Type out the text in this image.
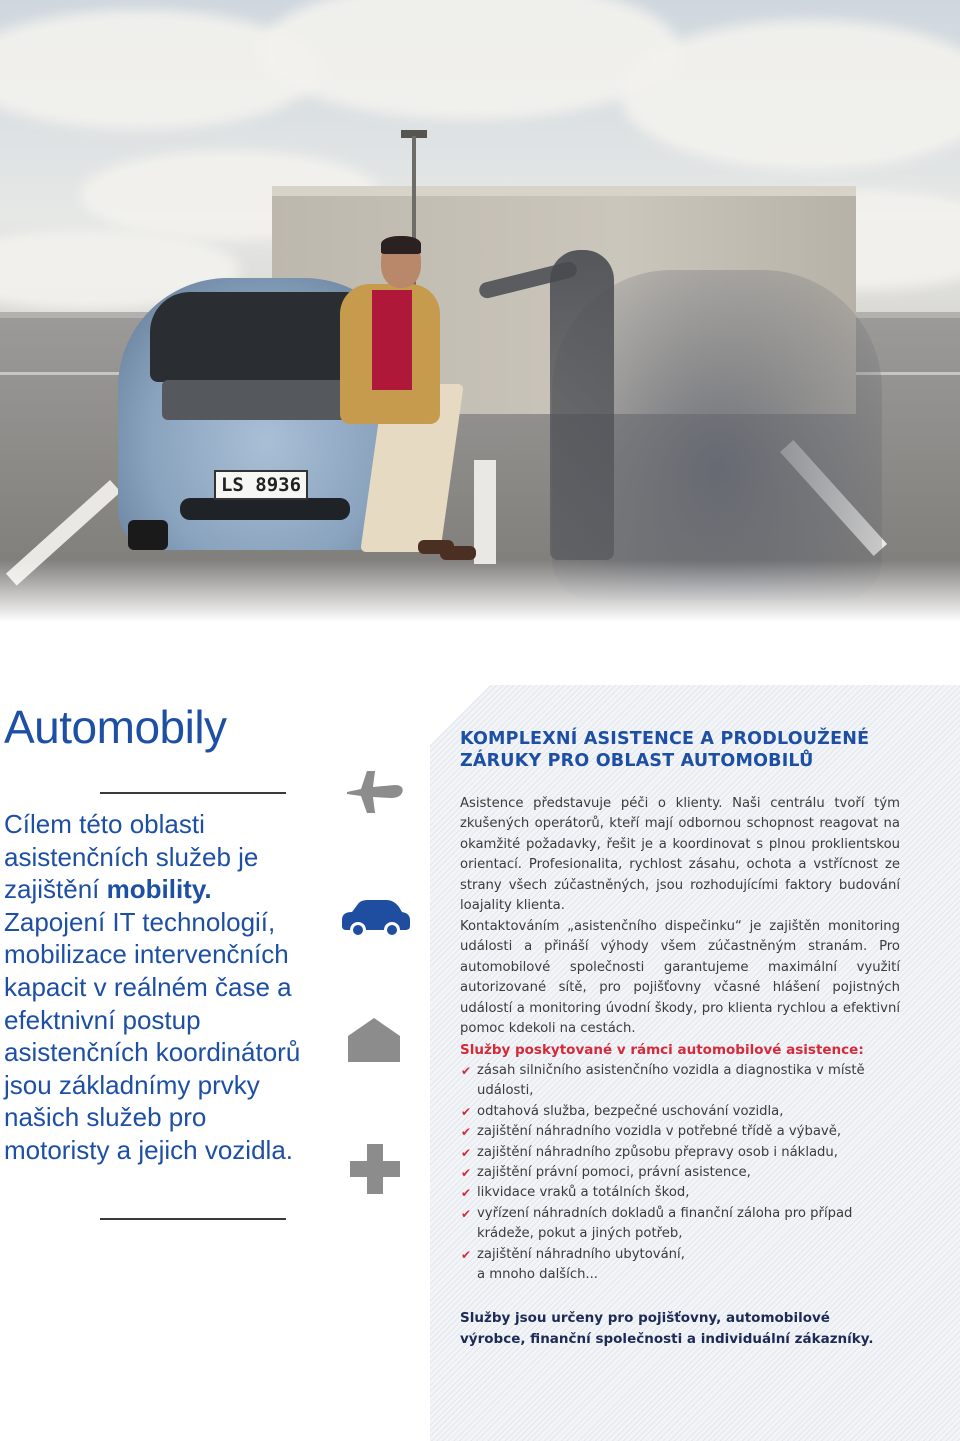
LS 8936
Automobily
Cílem této oblasti asistenčních služeb je zajištění mobility. Zapojení IT technologií, mobilizace intervenčních kapacit v reálném čase a efektnivní postup asistenčních koordinátorů jsou základnímy prvky našich služeb pro motoristy a jejich vozidla.
KOMPLEXNÍ ASISTENCE A PRODLOUŽENÉ ZÁRUKY PRO OBLAST AUTOMOBILŮ

Asistence představuje péči o klienty. Naši centrálu tvoří tým zkušených operátorů, kteří mají odbornou schopnost reagovat na okamžité požadavky, řešit je a koordinovat s plnou proklientskou orientací. Profesionalita, rychlost zásahu, ochota a vstřícnost ze strany všech zúčastněných, jsou rozhodujícími faktory budování loajality klienta.

Kontaktováním „asistenčního dispečinku“ je zajištěn monitoring události a přináší výhody všem zúčastněným stranám. Pro automobilové společnosti garantujeme maximální využití autorizované sítě, pro pojišťovny včasné hlášení pojistných událostí a monitoring úvodní škody, pro klienta rychlou a efektivní pomoc kdekoli na cestách.

Služby poskytované v rámci automobilové asistence:
✔ zásah silničního asistenčního vozidla a diagnostika v místě události,
✔ odtahová služba, bezpečné uschování vozidla,
✔ zajištění náhradního vozidla v potřebné třídě a výbavě,
✔ zajištění náhradního způsobu přepravy osob i nákladu,
✔ zajištění právní pomoci, právní asistence,
✔ likvidace vraků a totálních škod,
✔ vyřízení náhradních dokladů a finanční záloha pro případ krádeže, pokut a jiných potřeb,
✔ zajištění náhradního ubytování,
a mnoho dalších...

Služby jsou určeny pro pojišťovny, automobilové výrobce, finanční společnosti a individuální zákazníky.
